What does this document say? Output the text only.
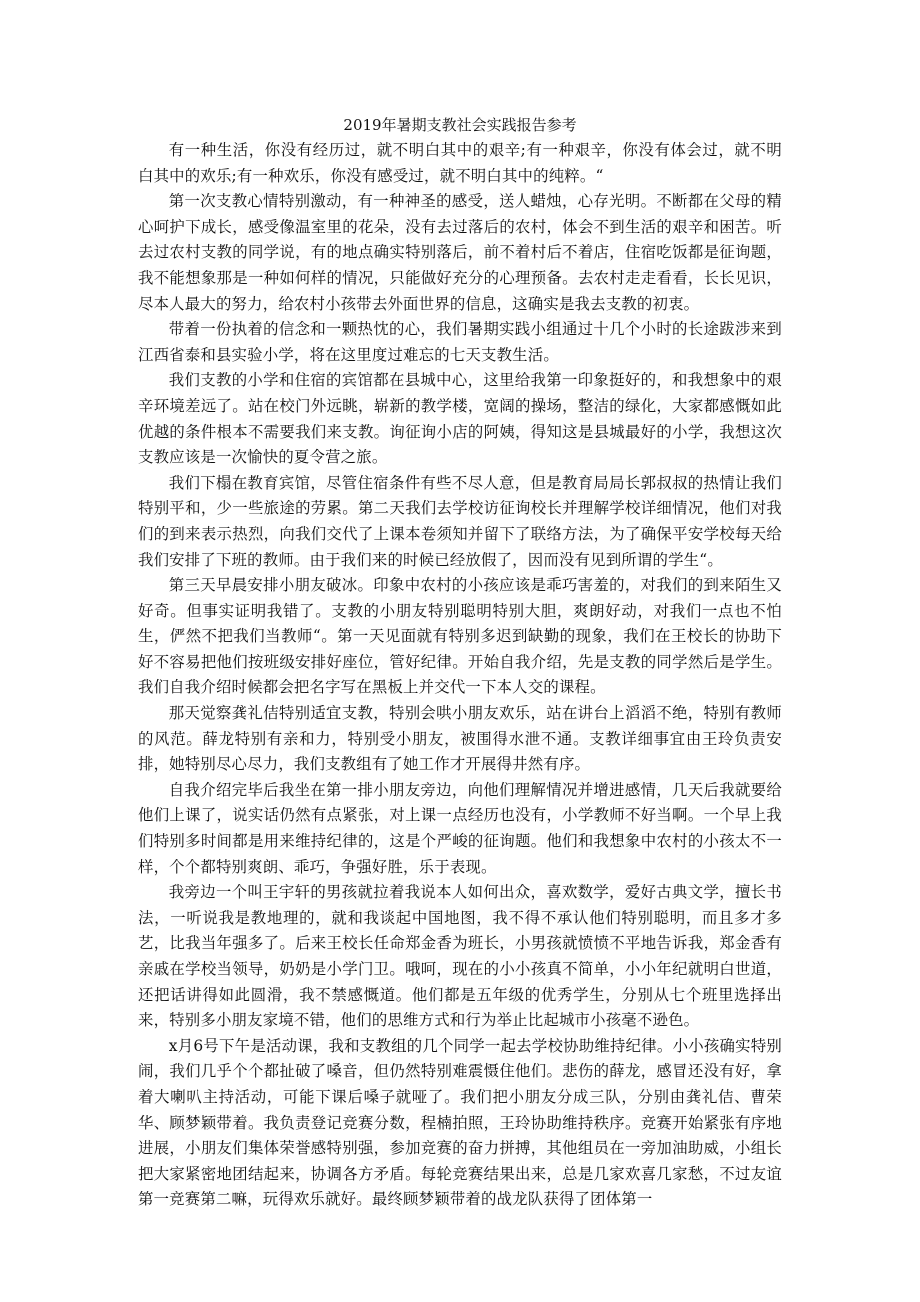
2019年暑期支教社会实践报告参考

有一种生活，你没有经历过，就不明白其中的艰辛;有一种艰辛，你没有体会过，就不明白其中的欢乐;有一种欢乐，你没有感受过，就不明白其中的纯粹。“

第一次支教心情特别激动，有一种神圣的感受，送人蜡烛，心存光明。不断都在父母的精心呵护下成长，感受像温室里的花朵，没有去过落后的农村，体会不到生活的艰辛和困苦。听去过农村支教的同学说，有的地点确实特别落后，前不着村后不着店，住宿吃饭都是征询题，我不能想象那是一种如何样的情况，只能做好充分的心理预备。去农村走走看看，长长见识，尽本人最大的努力，给农村小孩带去外面世界的信息，这确实是我去支教的初衷。

带着一份执着的信念和一颗热忱的心，我们暑期实践小组通过十几个小时的长途跋涉来到江西省泰和县实验小学，将在这里度过难忘的七天支教生活。

我们支教的小学和住宿的宾馆都在县城中心，这里给我第一印象挺好的，和我想象中的艰辛环境差远了。站在校门外远眺，崭新的教学楼，宽阔的操场，整洁的绿化，大家都感慨如此优越的条件根本不需要我们来支教。询征询小店的阿姨，得知这是县城最好的小学，我想这次支教应该是一次愉快的夏令营之旅。

我们下榻在教育宾馆，尽管住宿条件有些不尽人意，但是教育局局长郭叔叔的热情让我们特别平和，少一些旅途的劳累。第二天我们去学校访征询校长并理解学校详细情况，他们对我们的到来表示热烈，向我们交代了上课本卷须知并留下了联络方法，为了确保平安学校每天给我们安排了下班的教师。由于我们来的时候已经放假了，因而没有见到所谓的学生“。

第三天早晨安排小朋友破冰。印象中农村的小孩应该是乖巧害羞的，对我们的到来陌生又好奇。但事实证明我错了。支教的小朋友特别聪明特别大胆，爽朗好动，对我们一点也不怕生，俨然不把我们当教师“。第一天见面就有特别多迟到缺勤的现象，我们在王校长的协助下好不容易把他们按班级安排好座位，管好纪律。开始自我介绍，先是支教的同学然后是学生。我们自我介绍时候都会把名字写在黑板上并交代一下本人交的课程。

那天觉察龚礼佶特别适宜支教，特别会哄小朋友欢乐，站在讲台上滔滔不绝，特别有教师的风范。薛龙特别有亲和力，特别受小朋友，被围得水泄不通。支教详细事宜由王玲负责安排，她特别尽心尽力，我们支教组有了她工作才开展得井然有序。

自我介绍完毕后我坐在第一排小朋友旁边，向他们理解情况并增进感情，几天后我就要给他们上课了，说实话仍然有点紧张，对上课一点经历也没有，小学教师不好当啊。一个早上我们特别多时间都是用来维持纪律的，这是个严峻的征询题。他们和我想象中农村的小孩太不一样，个个都特别爽朗、乖巧，争强好胜，乐于表现。

我旁边一个叫王宇轩的男孩就拉着我说本人如何出众，喜欢数学，爱好古典文学，擅长书法，一听说我是教地理的，就和我谈起中国地图，我不得不承认他们特别聪明，而且多才多艺，比我当年强多了。后来王校长任命郑金香为班长，小男孩就愤愤不平地告诉我，郑金香有亲戚在学校当领导，奶奶是小学门卫。哦呵，现在的小小孩真不简单，小小年纪就明白世道，还把话讲得如此圆滑，我不禁感慨道。他们都是五年级的优秀学生，分别从七个班里选择出来，特别多小朋友家境不错，他们的思维方式和行为举止比起城市小孩毫不逊色。

x月6号下午是活动课，我和支教组的几个同学一起去学校协助维持纪律。小小孩确实特别闹，我们几乎个个都扯破了嗓音，但仍然特别难震慑住他们。悲伤的薛龙，感冒还没有好，拿着大喇叭主持活动，可能下课后嗓子就哑了。我们把小朋友分成三队，分别由龚礼佶、曹荣华、顾梦颖带着。我负责登记竞赛分数，程楠拍照，王玲协助维持秩序。竞赛开始紧张有序地进展，小朋友们集体荣誉感特别强，参加竞赛的奋力拼搏，其他组员在一旁加油助威，小组长把大家紧密地团结起来，协调各方矛盾。每轮竞赛结果出来，总是几家欢喜几家愁，不过友谊第一竞赛第二嘛，玩得欢乐就好。最终顾梦颖带着的战龙队获得了团体第一
